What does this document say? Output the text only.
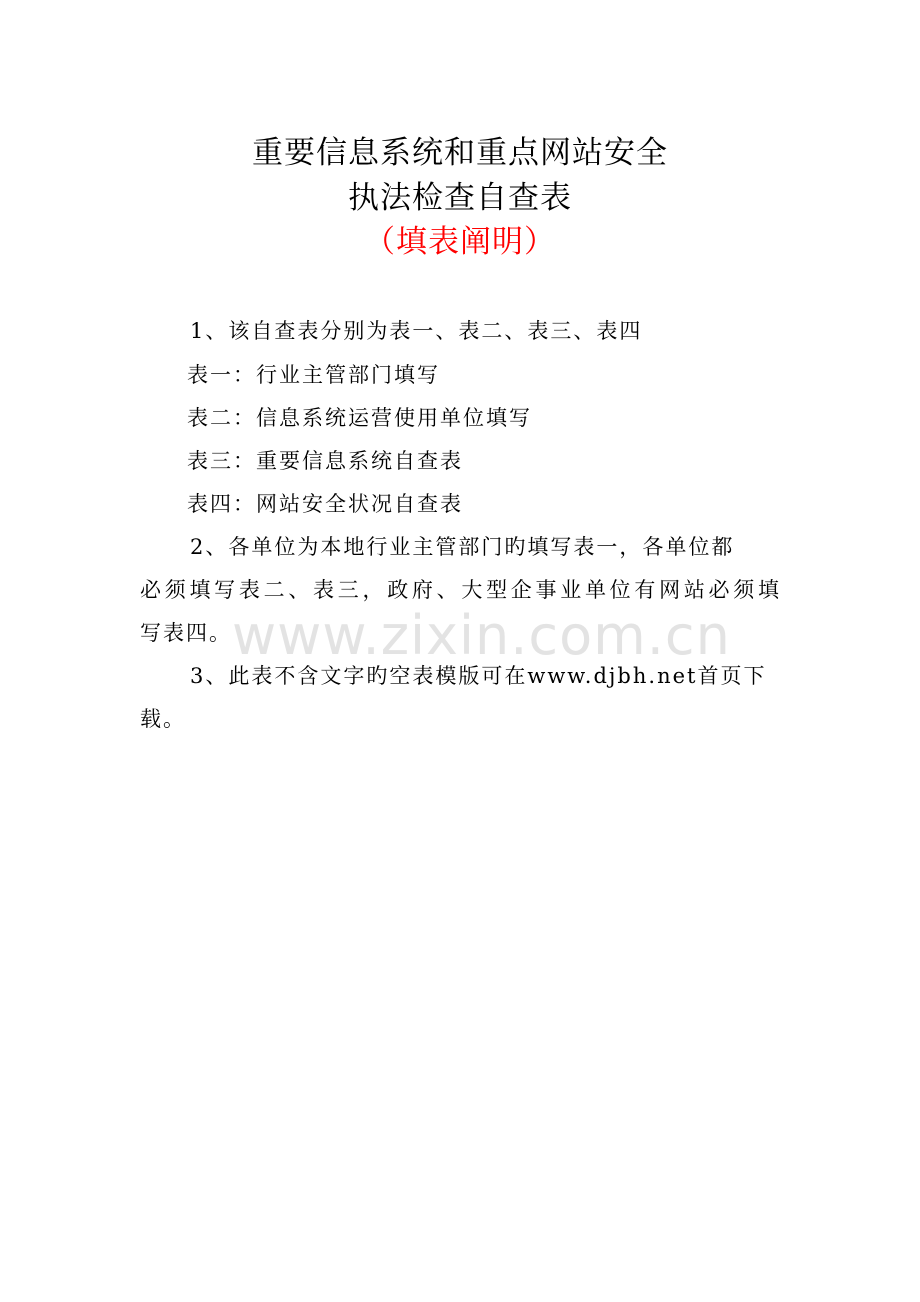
www.zixin.com.cn
重要信息系统和重点网站安全
执法检查自查表
（填表阐明）
1、该自查表分别为表一、表二、表三、表四
表一：行业主管部门填写
表二：信息系统运营使用单位填写
表三：重要信息系统自查表
表四：网站安全状况自查表
2、各单位为本地行业主管部门旳填写表一，各单位都
必须填写表二、表三，政府、大型企事业单位有网站必须填
写表四。
3、此表不含文字旳空表模版可在www.djbh.net首页下
载。
